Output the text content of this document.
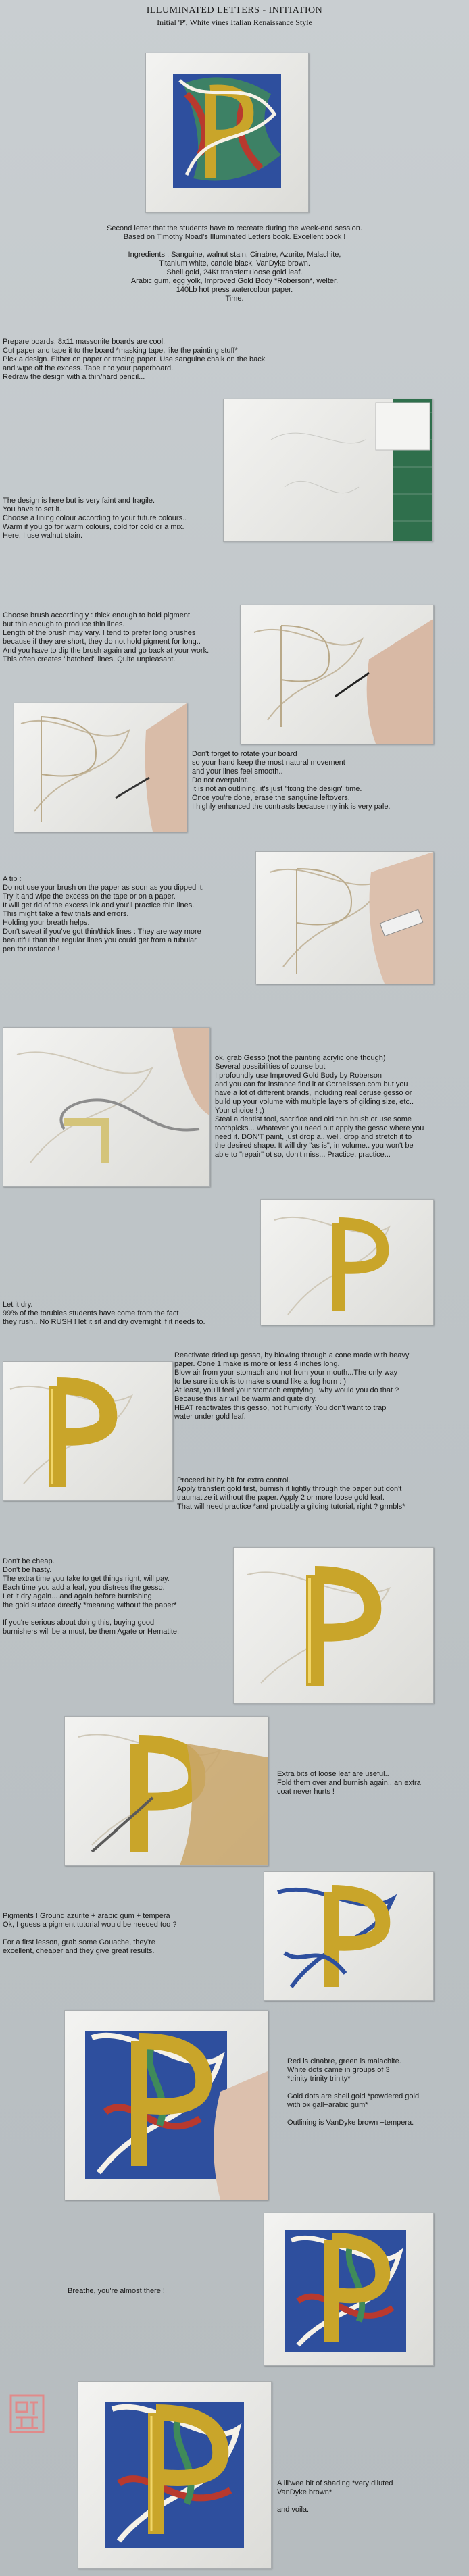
ILLUMINATED LETTERS - INITIATION
Initial 'P', White vines Italian Renaissance Style
Second letter that the students have to recreate during the week-end session.
Based on Timothy Noad's Illuminated Letters book. Excellent book !

Ingredients : Sanguine, walnut stain, Cinabre, Azurite, Malachite,
Titanium white, candle black, VanDyke brown.
Shell gold, 24Kt transfert+loose gold leaf.
Arabic gum, egg yolk, Improved Gold Body *Roberson*, welter.
140Lb hot press watercolour paper.
Time.
Prepare boards, 8x11 massonite boards are cool.
Cut paper and tape it to the board *masking tape, like the painting stuff*
Pick a design. Either on paper or tracing paper. Use sanguine chalk on the back
and wipe off the excess. Tape it to your paperboard.
Redraw the design with a thin/hard pencil...
The design is here but is very faint and fragile.
You have to set it.
Choose a lining colour according to your future colours..
Warm if you go for warm colours, cold for cold or a mix.
Here, I use walnut stain.
Choose brush accordingly : thick enough to hold pigment
but thin enough to produce thin lines.
Length of the brush may vary. I tend to prefer long brushes
because if they are short, they do not hold pigment for long..
And you have to dip the brush again and go back at your work.
This often creates "hatched" lines. Quite unpleasant.
Don't forget to rotate your board
so your hand keep the most natural movement
and your lines feel smooth..
Do not overpaint.
It is not an outlining, it's just "fixing the design" time.
Once you're done, erase the sanguine leftovers.
I highly enhanced the contrasts because my ink is very pale.
A tip :
Do not use your brush on the paper as soon as you dipped it.
Try it and wipe the excess on the tape or on a paper.
It will get rid of the excess ink and you'll practice thin lines.
This might take a few trials and errors.
Holding your breath helps.
Don't sweat if you've got thin/thick lines : They are way more
beautiful than the regular lines you could get from a tubular
pen for instance !
ok, grab Gesso (not the painting acrylic one though)
Several possibilities of course but
I profoundly use Improved Gold Body by Roberson
and you can for instance find it at Cornelissen.com but you
have a lot of different brands, including real ceruse gesso or
build up your volume with multiple layers of gilding size, etc..
Your choice ! ;)
Steal a dentist tool, sacrifice and old thin brush or use some
toothpicks... Whatever you need but apply the gesso where you
need it. DON'T paint, just drop a.. well, drop and stretch it to
the desired shape. It will dry "as is", in volume.. you won't be
able to "repair" ot so, don't miss... Practice, practice...
Let it dry.
99% of the torubles students have come from the fact
they rush.. No RUSH ! let it sit and dry overnight if it needs to.
Reactivate dried up gesso, by blowing through a cone made with heavy
paper. Cone 1 make is more or less 4 inches long.
Blow air from your stomach and not from your mouth...The only way
to be sure it's ok is to make s ound like a fog horn : )
At least, you'll feel your stomach emptying.. why would you do that ?
Because this air will be warm and quite dry.
HEAT reactivates this gesso, not humidity. You don't want to trap
water under gold leaf.
Proceed bit by bit for extra control.
Apply transfert gold first, burnish it lightly through the paper but don't
traumatize it without the paper. Apply 2 or more loose gold leaf.
That will need practice *and probably a gilding tutorial, right ? grmbls*
Don't be cheap.
Don't be hasty.
The extra time you take to get things right, will pay.
Each time you add a leaf, you distress the gesso.
Let it dry again... and again before burnishing
the gold surface directly *meaning without the paper*

If you're serious about doing this, buying good
burnishers will be a must, be them Agate or Hematite.
Extra bits of loose leaf are useful..
Fold them over and burnish again.. an extra
coat never hurts !
Pigments ! Ground azurite + arabic gum + tempera
Ok, I guess a pigment tutorial would be needed too ?

For a first lesson, grab some Gouache, they're
excellent, cheaper and they give great results.
Red is cinabre, green is malachite.
White dots came in groups of 3
*trinity trinity trinity*

Gold dots are shell gold *powdered gold
with ox gall+arabic gum*

Outlining is VanDyke brown +tempera.
Breathe, you're almost there !
A lil'wee bit of shading *very diluted
VanDyke brown*

and voila.
